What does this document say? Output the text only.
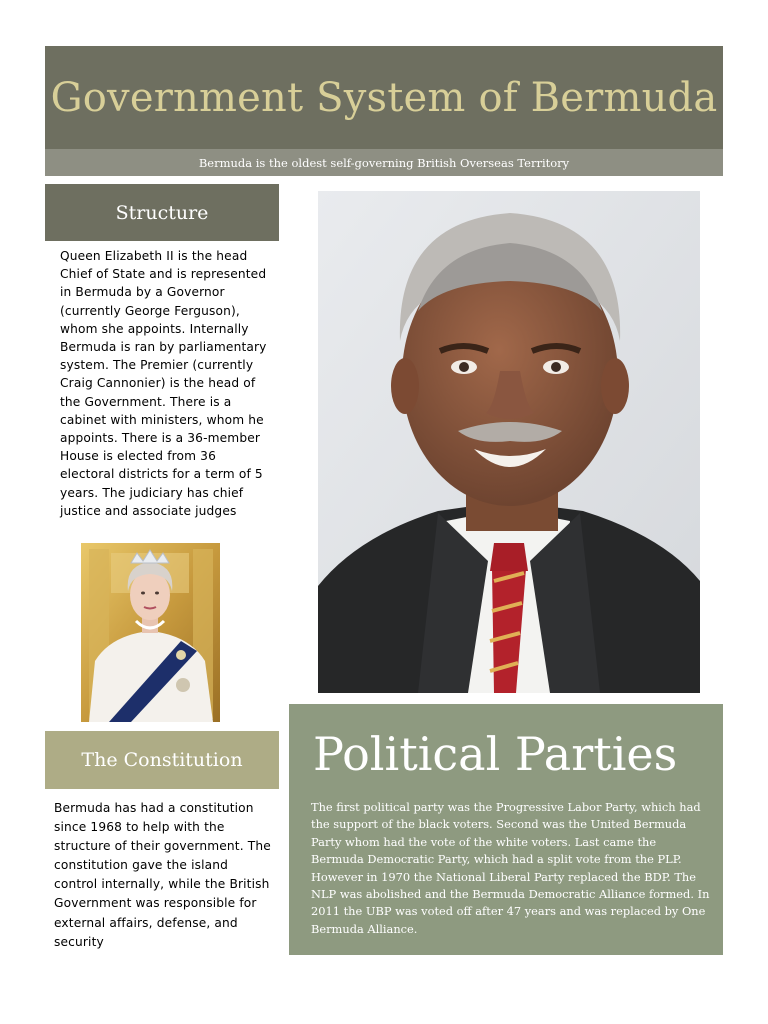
Government System of Bermuda
Bermuda is the oldest self-governing British Overseas Territory
Structure
Queen Elizabeth II is the head Chief of State and is represented in Bermuda by a Governor (currently George Ferguson), whom she appoints. Internally Bermuda is ran by parliamentary system. The Premier (currently Craig Cannonier) is the head of the Government. There is a cabinet with ministers, whom he appoints. There is a 36-member House is elected from 36 electoral districts for a term of 5 years. The judiciary has chief justice and associate judges
The Constitution
Bermuda has had a constitution since 1968 to help with the structure of their government. The constitution gave the island control internally, while the British Government was responsible for external affairs, defense, and security
Political Parties
The first political party was the Progressive Labor Party, which had the support of the black voters. Second was the United Bermuda Party whom had the vote of the white voters. Last came the Bermuda Democratic Party, which had a split vote from the PLP. However in 1970 the National Liberal Party replaced the BDP. The NLP was abolished and the Bermuda Democratic Alliance formed. In 2011 the UBP was voted off after 47 years and was replaced by One Bermuda Alliance.
